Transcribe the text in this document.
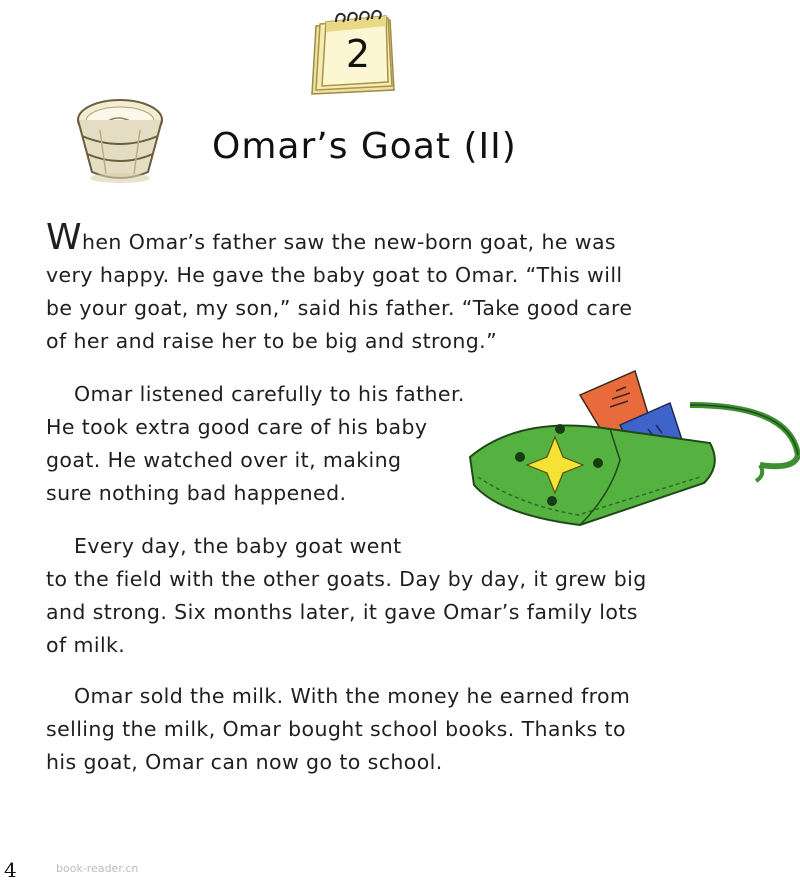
2
Omar’s Goat (II)
When Omar’s father saw the new-born goat, he was
very happy. He gave the baby goat to Omar. “This will
be your goat, my son,” said his father. “Take good care
of her and raise her to be big and strong.”
Omar listened carefully to his father.
He took extra good care of his baby
goat. He watched over it, making
sure nothing bad happened.
Every day, the baby goat went
to the field with the other goats. Day by day, it grew big
and strong. Six months later, it gave Omar’s family lots
of milk.
Omar sold the milk. With the money he earned from
selling the milk, Omar bought school books. Thanks to
his goat, Omar can now go to school.
4	book-reader.cn
